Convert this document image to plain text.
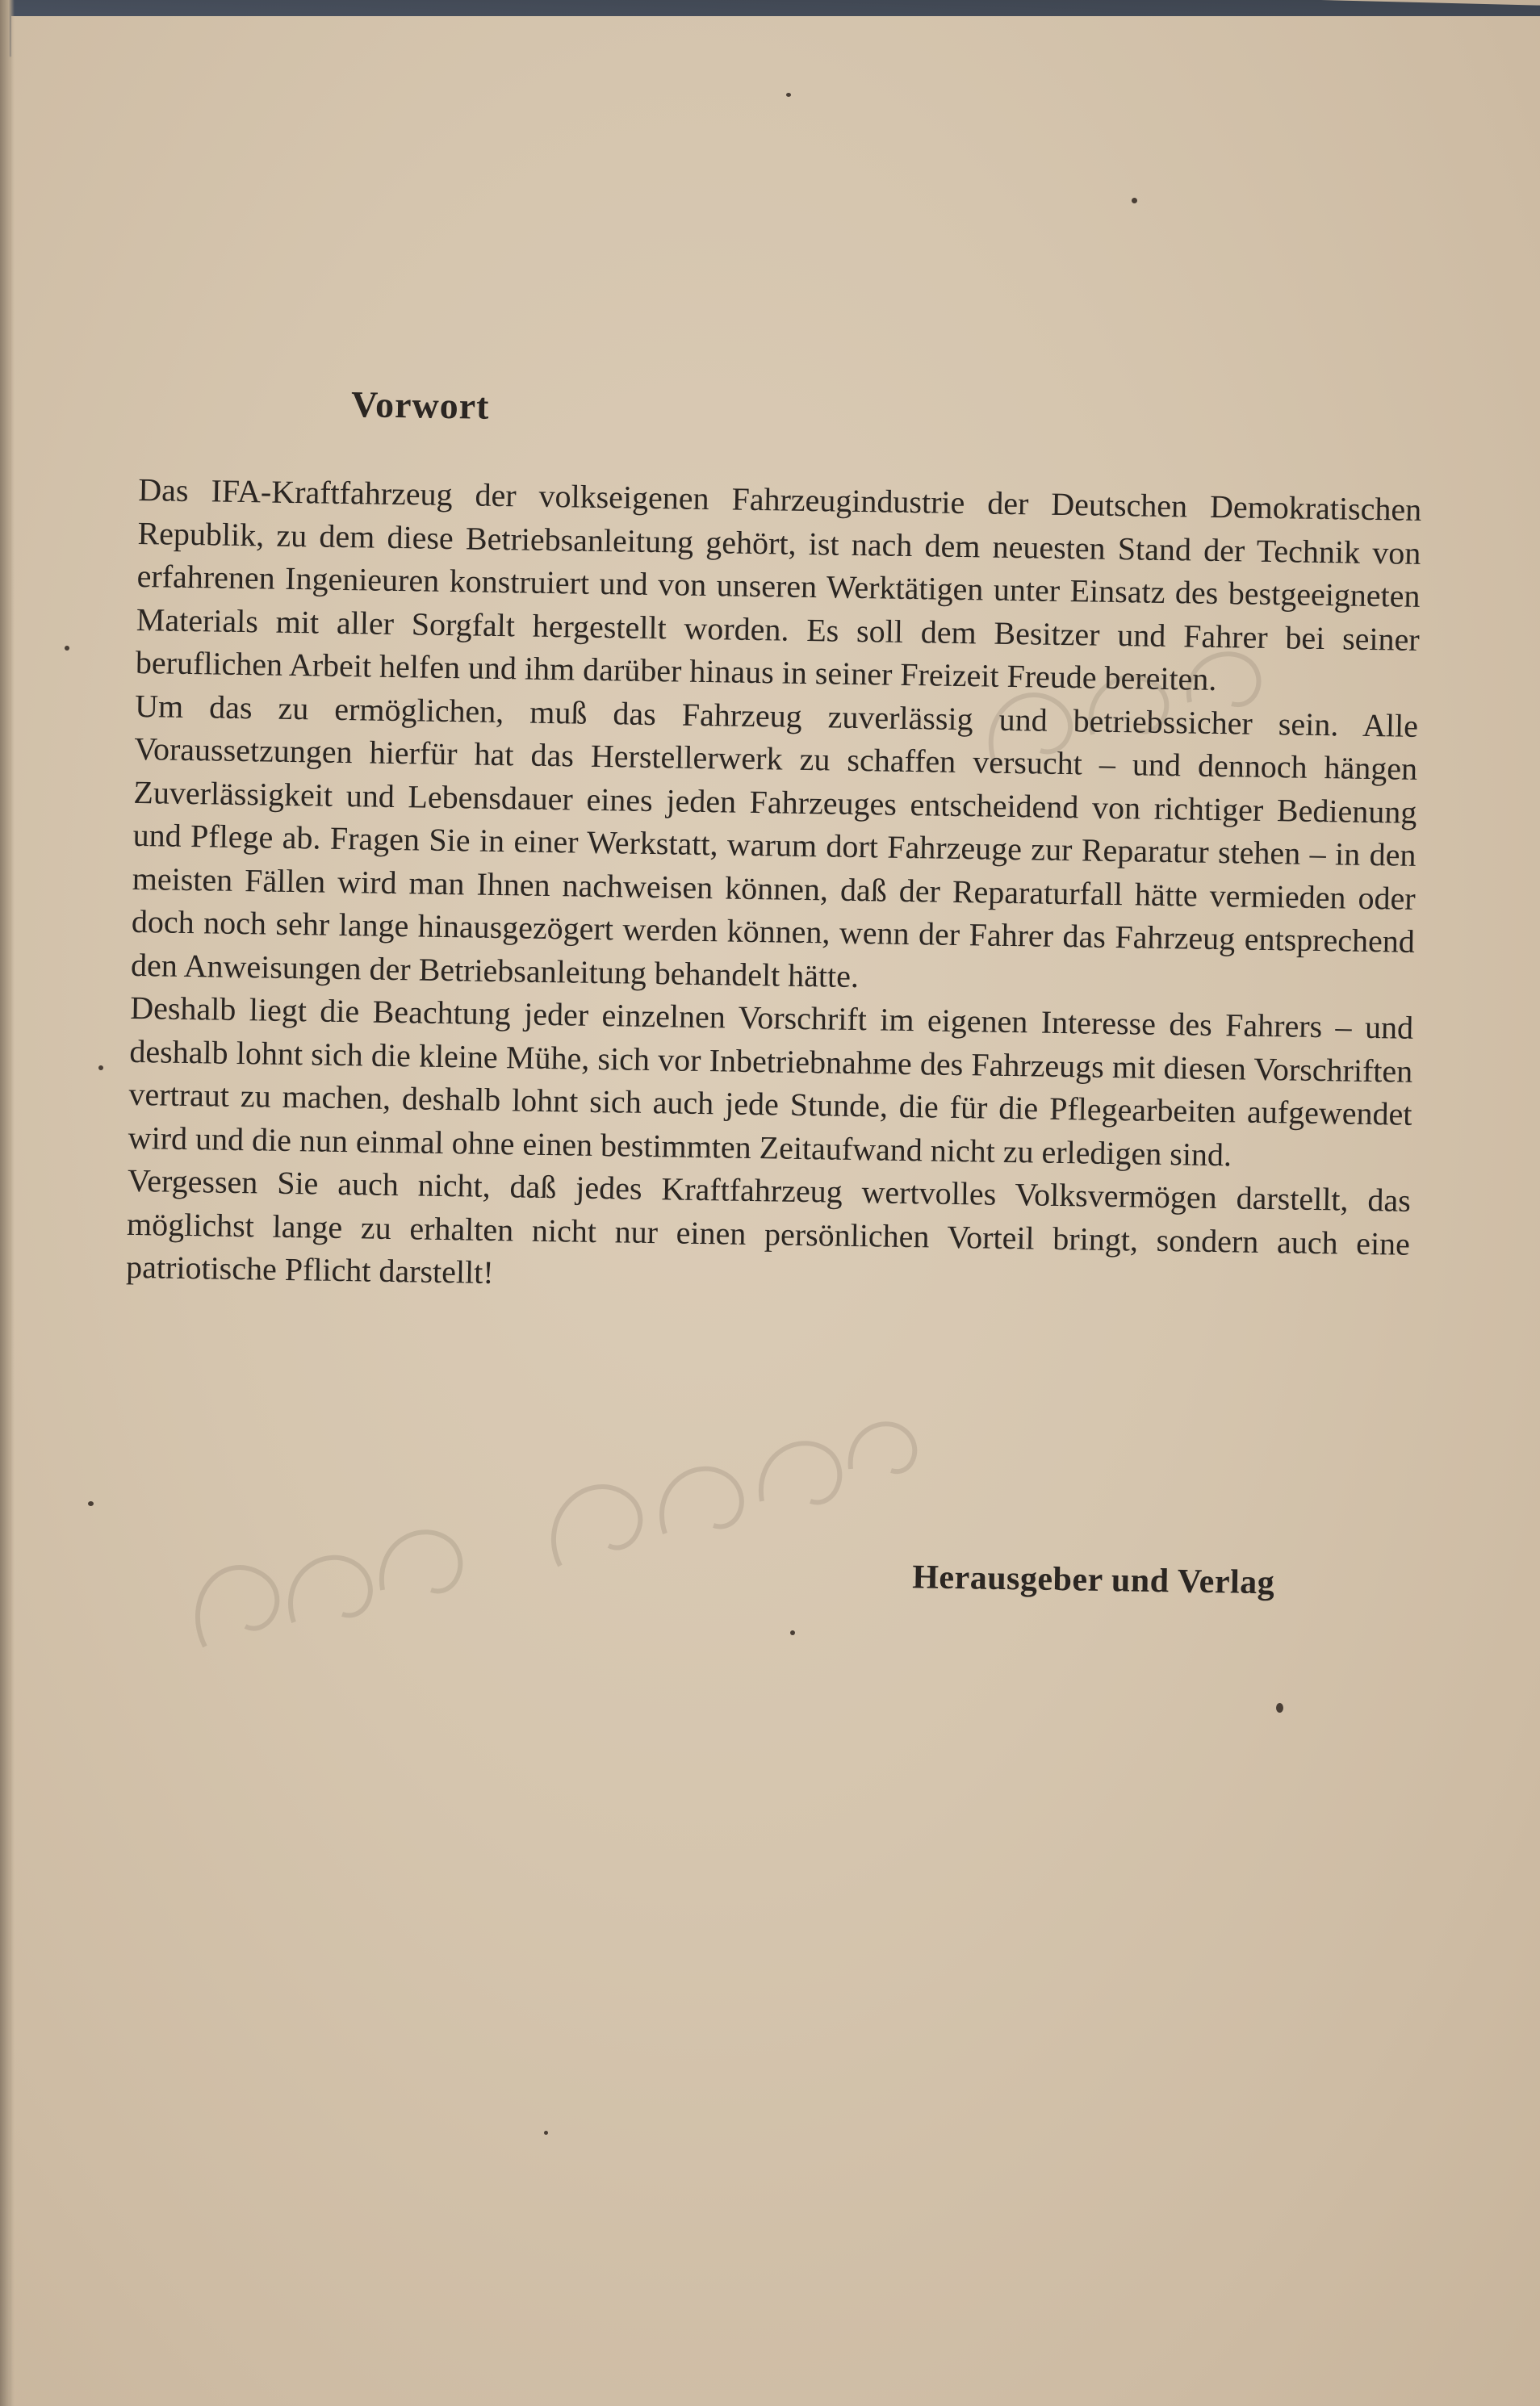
Vorwort

Das IFA-Kraftfahrzeug der volkseigenen Fahrzeugindustrie der Deutschen Demokratischen Republik, zu dem diese Betriebsanleitung gehört, ist nach dem neuesten Stand der Technik von erfahrenen Ingenieuren konstruiert und von unseren Werktätigen unter Einsatz des bestgeeigneten Materials mit aller Sorgfalt hergestellt worden. Es soll dem Besitzer und Fahrer bei seiner beruflichen Arbeit helfen und ihm darüber hinaus in seiner Freizeit Freude bereiten.

Um das zu ermöglichen, muß das Fahrzeug zuverlässig und betriebssicher sein. Alle Voraussetzungen hierfür hat das Herstellerwerk zu schaffen versucht – und dennoch hängen Zuverlässigkeit und Lebensdauer eines jeden Fahrzeuges entscheidend von richtiger Bedienung und Pflege ab. Fragen Sie in einer Werkstatt, warum dort Fahrzeuge zur Reparatur stehen – in den meisten Fällen wird man Ihnen nachweisen können, daß der Reparaturfall hätte vermieden oder doch noch sehr lange hinausgezögert werden können, wenn der Fahrer das Fahrzeug entsprechend den Anweisungen der Betriebsanleitung behandelt hätte.

Deshalb liegt die Beachtung jeder einzelnen Vorschrift im eigenen Interesse des Fahrers – und deshalb lohnt sich die kleine Mühe, sich vor Inbetriebnahme des Fahrzeugs mit diesen Vorschriften vertraut zu machen, deshalb lohnt sich auch jede Stunde, die für die Pflegearbeiten aufgewendet wird und die nun einmal ohne einen bestimmten Zeitaufwand nicht zu erledigen sind.

Vergessen Sie auch nicht, daß jedes Kraftfahrzeug wertvolles Volksvermögen darstellt, das möglichst lange zu erhalten nicht nur einen persönlichen Vorteil bringt, sondern auch eine patriotische Pflicht darstellt!

Herausgeber und Verlag
